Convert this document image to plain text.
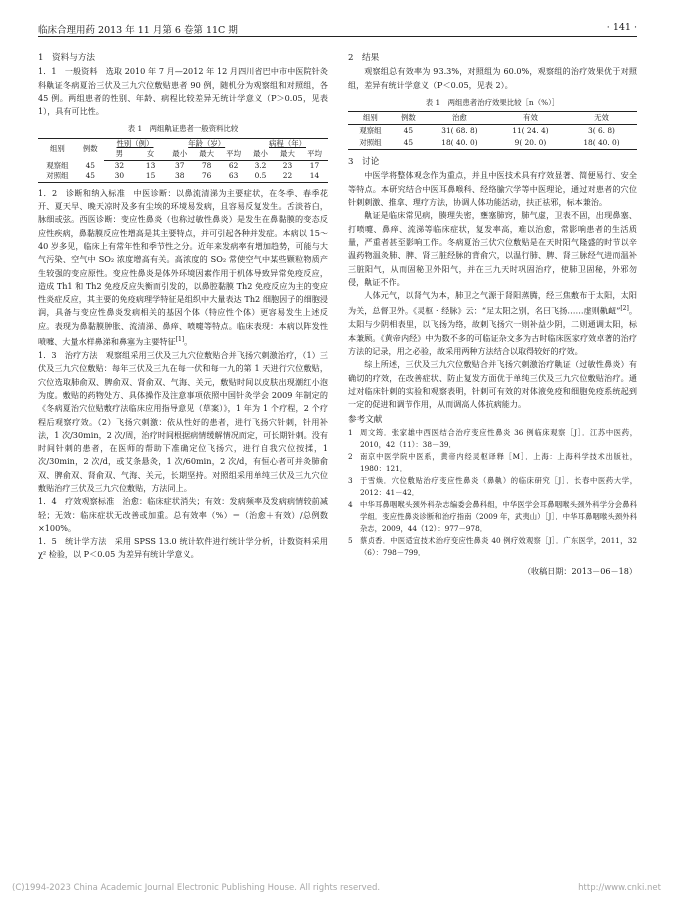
临床合理用药 2013 年 11 月第 6 卷第 11C 期	· 141 ·

1　资料与方法

1．1　一般资料　选取 2010 年 7 月—2012 年 12 月四川省巴中市中医院针灸科鼽证冬病夏治三伏及三九穴位敷贴患者 90 例，随机分为观察组和对照组，各 45 例。两组患者的性别、年龄、病程比较差异无统计学意义（P＞0.05，见表 1），具有可比性。

表 1　两组鼽证患者一般资料比较

组别	例数	性别（例）		年龄（岁）			病程（年）		
		男	女	最小	最大	平均	最小	最大	平均
观察组	45	32	13	37	78	62	3.2	23	17
对照组	45	30	15	38	76	63	0.5	22	14

1．2　诊断和纳入标准　中医诊断：以鼻流清涕为主要症状，在冬季、春季花开、夏天早、晚天凉时及多有尘埃的环境易发病，且容易反复发生。舌淡苔白，脉细或弦。西医诊断：变应性鼻炎（也称过敏性鼻炎）是发生在鼻黏膜的变态反应性疾病，鼻黏膜反应性增高是其主要特点，并可引起各种并发症。本病以 15～40 岁多见，临床上有常年性和季节性之分。近年来发病率有增加趋势，可能与大气污染、空气中 SO₂ 浓度增高有关。高浓度的 SO₂ 常使空气中某些颗粒物质产生较强的变应原性。变应性鼻炎是体外环境因素作用于机体导致异常免疫反应，造成 Th1 和 Th2 免疫反应失衡而引发的，以鼻腔黏膜 Th2 免疫反应为主的变应性炎症反应，其主要的免疫病理学特征是组织中大量表达 Th2 细胞因子的细胞浸润，具备与变应性鼻炎发病相关的基因个体（特应性个体）更容易发生上述反应。表现为鼻黏膜肿胀、流清涕、鼻痒、喷嚏等特点。临床表现：本病以阵发性喷嚏、大量水样鼻涕和鼻塞为主要特征[1]。

1．3　治疗方法　观察组采用三伏及三九穴位敷贴合并飞扬穴刺激治疗，（1）三伏及三九穴位敷贴：每年三伏及三九在每一伏和每一九的第 1 天进行穴位敷贴，穴位选取肺俞双、脾俞双、肾俞双、气海、关元，敷贴时间以皮肤出现潮红小泡为度。敷贴的药物处方、具体操作及注意事项依照中国针灸学会 2009 年制定的《冬病夏治穴位贴敷疗法临床应用指导意见（草案）》，1 年为 1 个疗程，2 个疗程后观察疗效。（2）飞扬穴刺激：依从性好的患者，进行飞扬穴针刺，针用补法，1 次/30min，2 次/周，治疗时间根据病情缓解情况而定，可长期针刺。没有时间针刺的患者，在医师的帮助下准确定位飞扬穴，进行自我穴位按揉，1 次/30min，2 次/d，或艾条悬灸，1 次/60min，2 次/d，有恒心者可并灸肺俞双、脾俞双、肾俞双、气海、关元，长期坚持。对照组采用单纯三伏及三九穴位敷贴治疗三伏及三九穴位敷贴，方法同上。

1．4　疗效观察标准　治愈：临床症状消失；有效：发病频率及发病病情较前减轻；无效：临床症状无改善或加重。总有效率（%）＝（治愈＋有效）/总例数×100%。

1．5　统计学方法　采用 SPSS 13.0 统计软件进行统计学分析，计数资料采用 χ² 检验，以 P＜0.05 为差异有统计学意义。

2　结果

观察组总有效率为 93.3%，对照组为 60.0%，观察组的治疗效果优于对照组，差异有统计学意义（P＜0.05，见表 2）。

表 1　两组患者治疗效果比较［n（%）］

组别	例数	治愈	有效	无效
观察组	45	31( 68. 8)	11( 24. 4)	3( 6. 8)
对照组	45	18( 40. 0)	9( 20. 0)	18( 40. 0)

3　讨论

中医学将整体观念作为重点，并且中医技术具有疗效显著、简便易行、安全等特点。本研究结合中医耳鼻喉科、经络腧穴学等中医理论，通过对患者的穴位针刺刺激、推拿、理疗方法，协调人体功能活动，扶正祛邪，标本兼治。

鼽证是临床常见病，腠理失密，壅塞肺窍，肺气虚，卫表不固，出现鼻塞、打喷嚏、鼻痒、流涕等临床症状，复发率高，难以治愈，常影响患者的生活质量，严重者甚至影响工作。冬病夏治三伏穴位敷贴是在天时阳气隆盛的时节以辛温药物温灸肺、脾、肾三脏经脉的背俞穴，以温行肺、脾、肾三脉经气进而温补三脏阳气，从而固秘卫外阳气，并在三九天时巩固治疗，使肺卫固秘，外邪勿侵，鼽证不作。

人体元气，以肾气为本，肺卫之气源于肾阳蒸腾，经三焦敷布于太阳，太阳为关，总督卫外。《灵枢 · 经脉》云：“足太阳之别，名曰飞扬……虚则鼽衄”[2]。太阳与少阴相表里，以飞扬为络，故刺飞扬穴一则补益少阴，二则通调太阳，标本兼顾。《黄帝内经》中为数不多的可临证杂文多为古时临床医家疗效卓著的治疗方法的记录，用之必验，故采用两种方法结合以取得较好的疗效。

综上所述，三伏及三九穴位敷贴合并飞扬穴刺激治疗鼽证（过敏性鼻炎）有确切的疗效，在改善症状、防止复发方面优于单纯三伏及三九穴位敷贴治疗。通过对临床针刺的实验和观察表明，针刺可有效的对体液免疫和细胞免疫系统起到一定的促进和调节作用，从而调高人体抗病能力。

参考文献

1 周文筠．张家雄中西医结合治疗变应性鼻炎 36 例临床观察［J］．江苏中医药，2010，42（11）：38－39．
2 南京中医学院中医系，黄帝内经灵枢译释［M］．上海：上海科学技术出版社，1980：121．
3 于雪焕．穴位敷贴治疗变应性鼻炎（鼻鼽）的临床研究［J］．长春中医药大学，2012：41－42．
4 中华耳鼻咽喉头颈外科杂志编委会鼻科组，中华医学会耳鼻咽喉头颈外科学分会鼻科学组．变应性鼻炎诊断和治疗指南（2009 年，武夷山）［J］．中华耳鼻咽喉头颈外科杂志，2009，44（12）：977－978．
5 蔡贞香．中医适宜技术治疗变应性鼻炎 40 例疗效观察［J］．广东医学，2011，32（6）：798－799．

（收稿日期：2013－06－18）

(C)1994-2023 China Academic Journal Electronic Publishing House. All rights reserved.	http://www.cnki.net
